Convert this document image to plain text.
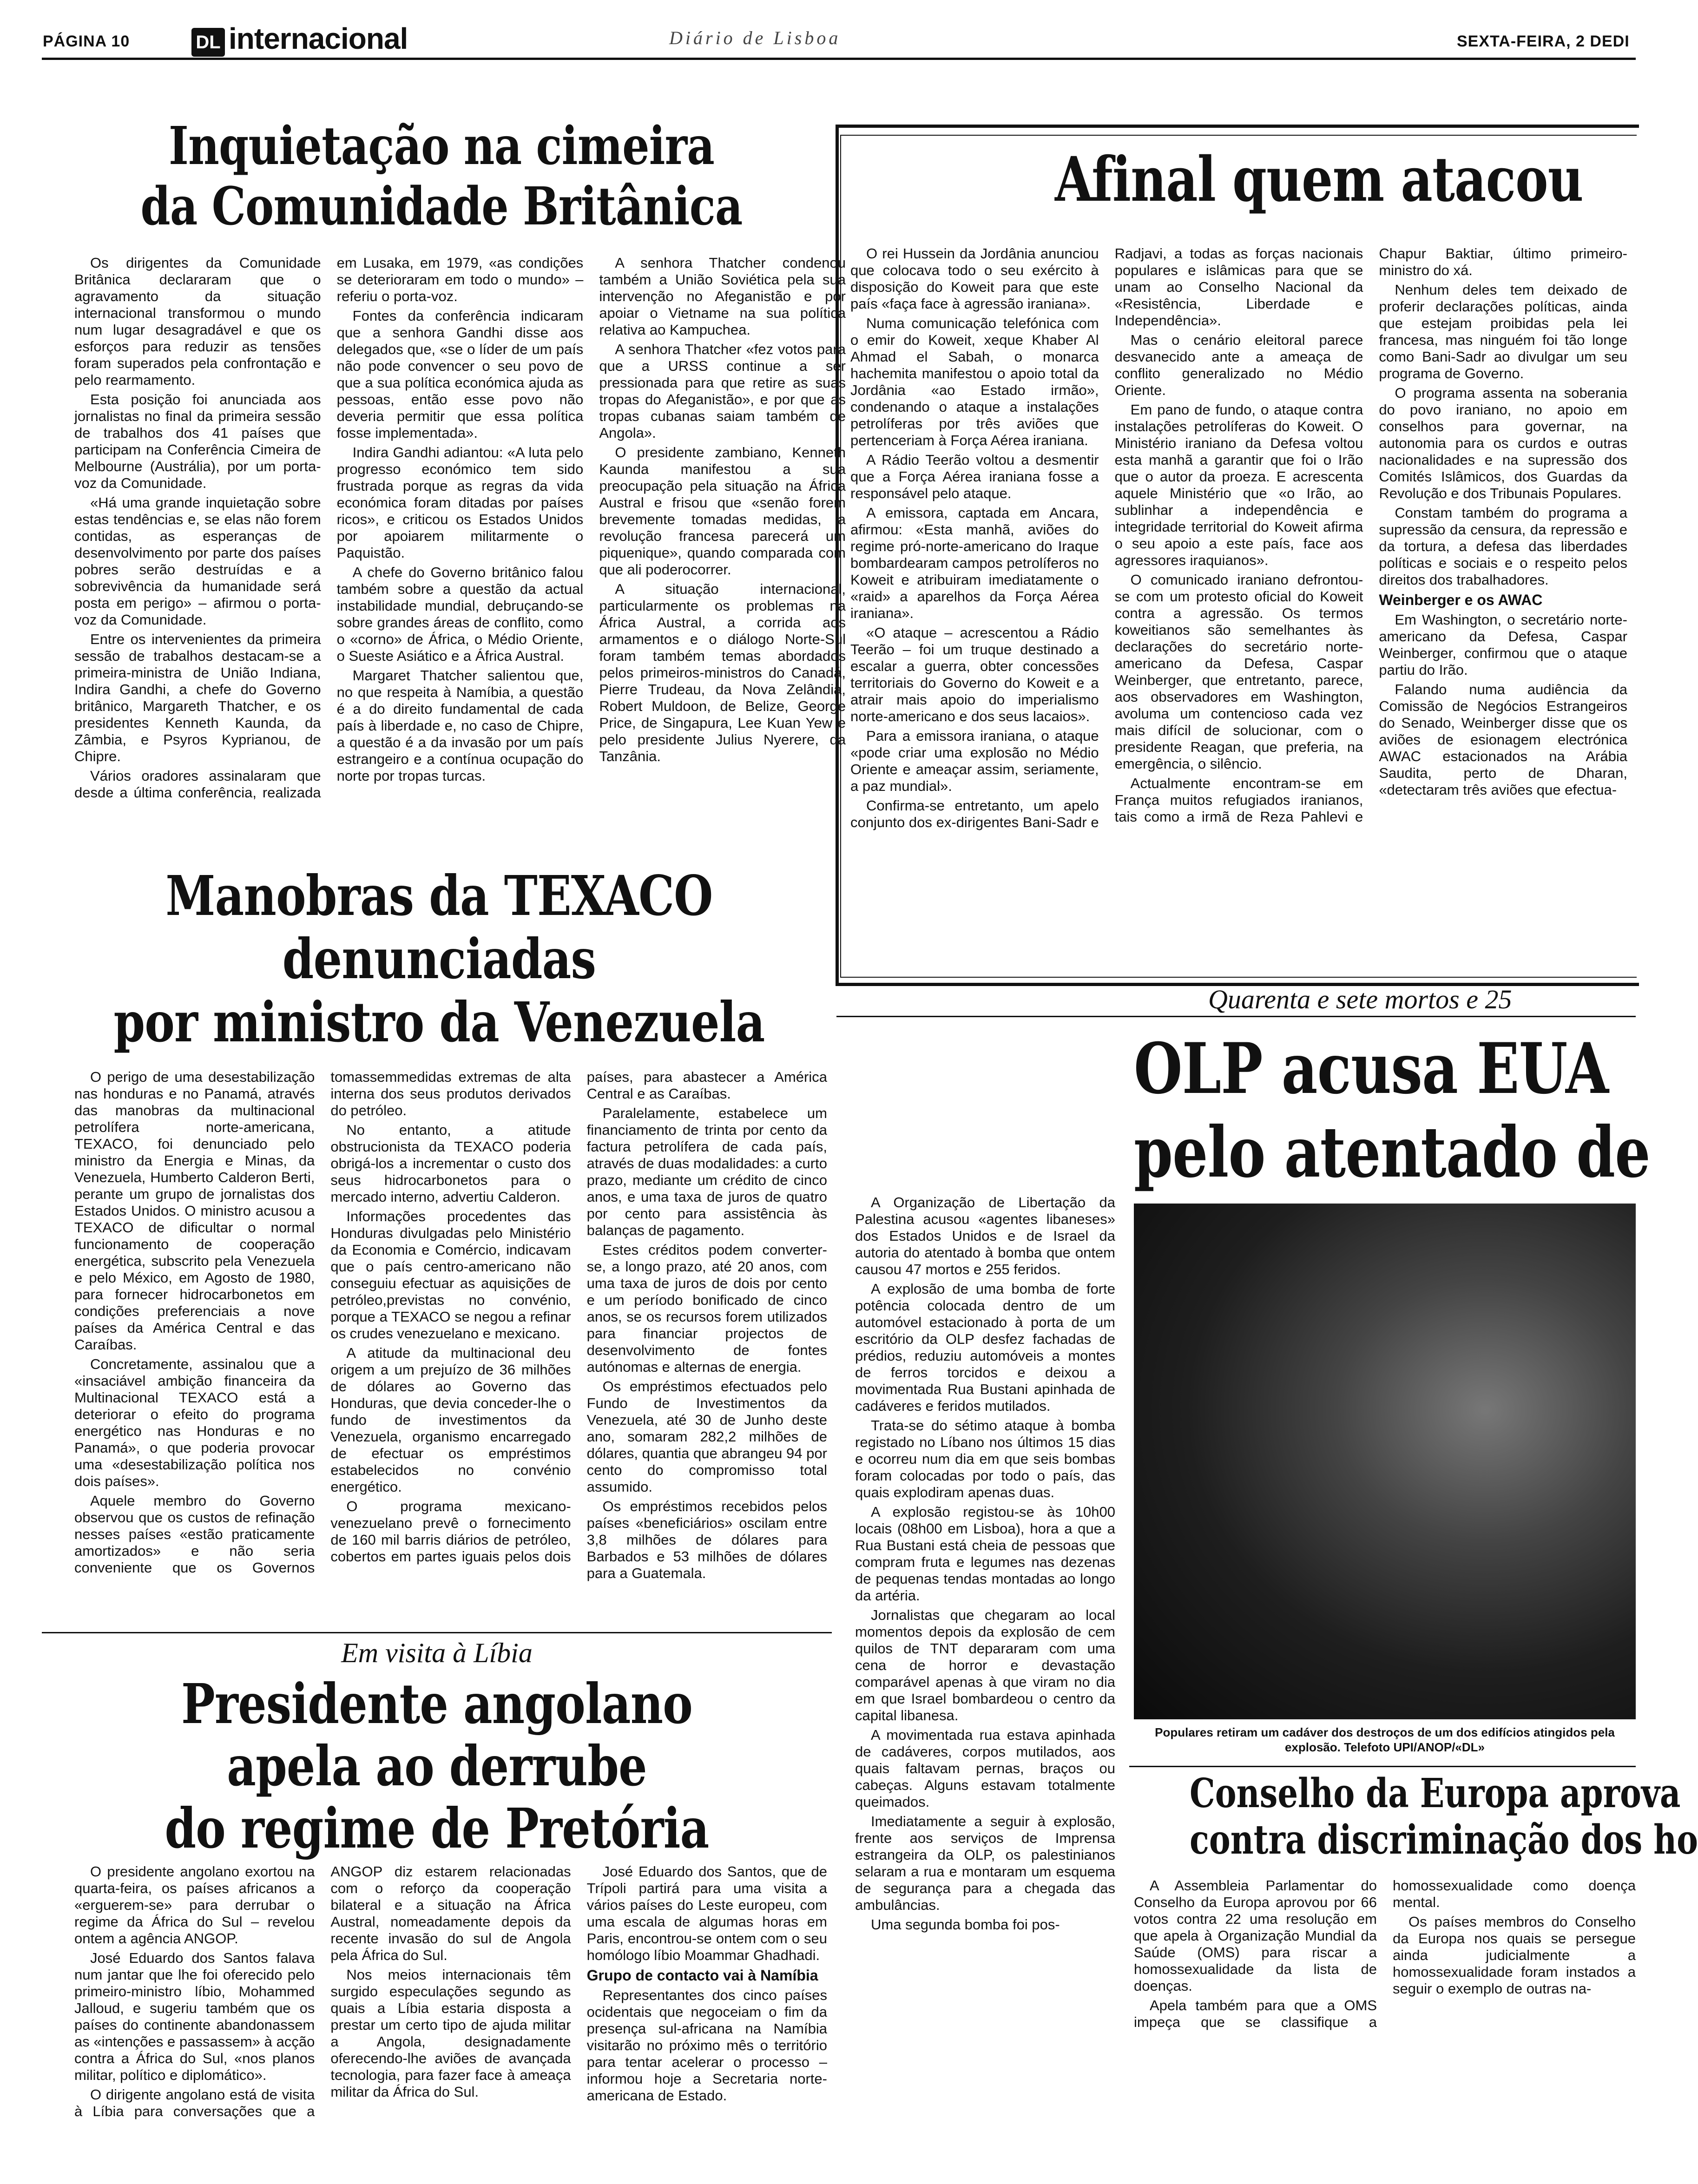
PÁGINA 10	DL internacional	Diário de Lisboa	SEXTA-FEIRA, 2 DEDI
Inquietação na cimeira
da Comunidade Britânica

Os dirigentes da Comunidade Britânica declararam que o agravamento da situação internacional transformou o mundo num lugar desagradável e que os esforços para reduzir as tensões foram superados pela confrontação e pelo rearmamento.

Esta posição foi anunciada aos jornalistas no final da primeira sessão de trabalhos dos 41 países que participam na Conferência Cimeira de Melbourne (Austrália), por um porta-voz da Comunidade.

«Há uma grande inquietação sobre estas tendências e, se elas não forem contidas, as esperanças de desenvolvimento por parte dos países pobres serão destruídas e a sobrevivência da humanidade será posta em perigo» – afirmou o porta-voz da Comunidade.

Entre os intervenientes da primeira sessão de trabalhos destacam-se a primeira-ministra de União Indiana, Indira Gandhi, a chefe do Governo britânico, Margareth Thatcher, e os presidentes Kenneth Kaunda, da Zâmbia, e Psyros Kyprianou, de Chipre.

Vários oradores assinalaram que desde a última conferência, realizada em Lusaka, em 1979, «as condições se deterioraram em todo o mundo» – referiu o porta-voz.

Fontes da conferência indicaram que a senhora Gandhi disse aos delegados que, «se o líder de um país não pode convencer o seu povo de que a sua política económica ajuda as pessoas, então esse povo não deveria permitir que essa política fosse implementada».

Indira Gandhi adiantou: «A luta pelo progresso económico tem sido frustrada porque as regras da vida económica foram ditadas por países ricos», e criticou os Estados Unidos por apoiarem militarmente o Paquistão.

A chefe do Governo britânico falou também sobre a questão da actual instabilidade mundial, debruçando-se sobre grandes áreas de conflito, como o «corno» de África, o Médio Oriente, o Sueste Asiático e a África Austral.

Margaret Thatcher salientou que, no que respeita à Namíbia, a questão é a do direito fundamental de cada país à liberdade e, no caso de Chipre, a questão é a da invasão por um país estrangeiro e a contínua ocupação do norte por tropas turcas.

A senhora Thatcher condenou também a União Soviética pela sua intervenção no Afeganistão e por apoiar o Vietname na sua política relativa ao Kampuchea.

A senhora Thatcher «fez votos para que a URSS continue a ser pressionada para que retire as suas tropas do Afeganistão», e por que as tropas cubanas saiam também de Angola».

O presidente zambiano, Kenneth Kaunda manifestou a sua preocupação pela situação na África Austral e frisou que «senão forem brevemente tomadas medidas, a revolução francesa parecerá um piquenique», quando comparada com que ali poderocorrer.

A situação internacional, particularmente os problemas na África Austral, a corrida aos armamentos e o diálogo Norte-Sul foram também temas abordados pelos primeiros-ministros do Canadá, Pierre Trudeau, da Nova Zelândia, Robert Muldoon, de Belize, George Price, de Singapura, Lee Kuan Yew e pelo presidente Julius Nyerere, da Tanzânia.

Afinal quem atacou

O rei Hussein da Jordânia anunciou que colocava todo o seu exército à disposição do Koweit para que este país «faça face à agressão iraniana».

Numa comunicação telefónica com o emir do Koweit, xeque Khaber Al Ahmad el Sabah, o monarca hachemita manifestou o apoio total da Jordânia «ao Estado irmão», condenando o ataque a instalações petrolíferas por três aviões que pertenceriam à Força Aérea iraniana.

A Rádio Teerão voltou a desmentir que a Força Aérea iraniana fosse a responsável pelo ataque.

A emissora, captada em Ancara, afirmou: «Esta manhã, aviões do regime pró-norte-americano do Iraque bombardearam campos petrolíferos no Koweit e atribuiram imediatamente o «raid» a aparelhos da Força Aérea iraniana».

«O ataque – acrescentou a Rádio Teerão – foi um truque destinado a escalar a guerra, obter concessões territoriais do Governo do Koweit e a atrair mais apoio do imperialismo norte-americano e dos seus lacaios».

Para a emissora iraniana, o ataque «pode criar uma explosão no Médio Oriente e ameaçar assim, seriamente, a paz mundial».

Confirma-se entretanto, um apelo conjunto dos ex-dirigentes Bani-Sadr e Radjavi, a todas as forças nacionais populares e islâmicas para que se unam ao Conselho Nacional da «Resistência, Liberdade e Independência».

Mas o cenário eleitoral parece desvanecido ante a ameaça de conflito generalizado no Médio Oriente.

Em pano de fundo, o ataque contra instalações petrolíferas do Koweit. O Ministério iraniano da Defesa voltou esta manhã a garantir que foi o Irão que o autor da proeza. E acrescenta aquele Ministério que «o Irão, ao sublinhar a independência e integridade territorial do Koweit afirma o seu apoio a este país, face aos agressores iraquianos».

O comunicado iraniano defrontou-se com um protesto oficial do Koweit contra a agressão. Os termos koweitianos são semelhantes às declarações do secretário norte-americano da Defesa, Caspar Weinberger, que entretanto, parece, aos observadores em Washington, avoluma um contencioso cada vez mais difícil de solucionar, com o presidente Reagan, que preferia, na emergência, o silêncio.

Actualmente encontram-se em França muitos refugiados iranianos, tais como a irmã de Reza Pahlevi e Chapur Baktiar, último primeiro-ministro do xá.

Nenhum deles tem deixado de proferir declarações políticas, ainda que estejam proibidas pela lei francesa, mas ninguém foi tão longe como Bani-Sadr ao divulgar um seu programa de Governo.

O programa assenta na soberania do povo iraniano, no apoio em conselhos para governar, na autonomia para os curdos e outras nacionalidades e na supressão dos Comités Islâmicos, dos Guardas da Revolução e dos Tribunais Populares.

Constam também do programa a supressão da censura, da repressão e da tortura, a defesa das liberdades políticas e sociais e o respeito pelos direitos dos trabalhadores.

Weinberger e os AWAC

Em Washington, o secretário norte-americano da Defesa, Caspar Weinberger, confirmou que o ataque partiu do Irão.

Falando numa audiência da Comissão de Negócios Estrangeiros do Senado, Weinberger disse que os aviões de esionagem electrónica AWAC estacionados na Arábia Saudita, perto de Dharan, «detectaram três aviões que efectua-

Manobras da TEXACO
denunciadas
por ministro da Venezuela

O perigo de uma desestabilização nas honduras e no Panamá, através das manobras da multinacional petrolífera norte-americana, TEXACO, foi denunciado pelo ministro da Energia e Minas, da Venezuela, Humberto Calderon Berti, perante um grupo de jornalistas dos Estados Unidos. O ministro acusou a TEXACO de dificultar o normal funcionamento de cooperação energética, subscrito pela Venezuela e pelo México, em Agosto de 1980, para fornecer hidrocarbonetos em condições preferenciais a nove países da América Central e das Caraíbas.

Concretamente, assinalou que a «insaciável ambição financeira da Multinacional TEXACO está a deteriorar o efeito do programa energético nas Honduras e no Panamá», o que poderia provocar uma «desestabilização política nos dois países».

Aquele membro do Governo observou que os custos de refinação nesses países «estão praticamente amortizados» e não seria conveniente que os Governos tomassemmedidas extremas de alta interna dos seus produtos derivados do petróleo.

No entanto, a atitude obstrucionista da TEXACO poderia obrigá-los a incrementar o custo dos seus hidrocarbonetos para o mercado interno, advertiu Calderon.

Informações procedentes das Honduras divulgadas pelo Ministério da Economia e Comércio, indicavam que o país centro-americano não conseguiu efectuar as aquisições de petróleo,previstas no convénio, porque a TEXACO se negou a refinar os crudes venezuelano e mexicano.

A atitude da multinacional deu origem a um prejuízo de 36 milhões de dólares ao Governo das Honduras, que devia conceder-lhe o fundo de investimentos da Venezuela, organismo encarregado de efectuar os empréstimos estabelecidos no convénio energético.

O programa mexicano-venezuelano prevê o fornecimento de 160 mil barris diários de petróleo, cobertos em partes iguais pelos dois países, para abastecer a América Central e as Caraíbas.

Paralelamente, estabelece um financiamento de trinta por cento da factura petrolífera de cada país, através de duas modalidades: a curto prazo, mediante um crédito de cinco anos, e uma taxa de juros de quatro por cento para assistência às balanças de pagamento.

Estes créditos podem converter-se, a longo prazo, até 20 anos, com uma taxa de juros de dois por cento e um período bonificado de cinco anos, se os recursos forem utilizados para financiar projectos de desenvolvimento de fontes autónomas e alternas de energia.

Os empréstimos efectuados pelo Fundo de Investimentos da Venezuela, até 30 de Junho deste ano, somaram 282,2 milhões de dólares, quantia que abrangeu 94 por cento do compromisso total assumido.

Os empréstimos recebidos pelos países «beneficiários» oscilam entre 3,8 milhões de dólares para Barbados e 53 milhões de dólares para a Guatemala.

Em visita à Líbia
Presidente angolano
apela ao derrube
do regime de Pretória

O presidente angolano exortou na quarta-feira, os países africanos a «erguerem-se» para derrubar o regime da África do Sul – revelou ontem a agência ANGOP.

José Eduardo dos Santos falava num jantar que lhe foi oferecido pelo primeiro-ministro líbio, Mohammed Jalloud, e sugeriu também que os países do continente abandonassem as «intenções e passassem» à acção contra a África do Sul, «nos planos militar, político e diplomático».

O dirigente angolano está de visita à Líbia para conversações que a ANGOP diz estarem relacionadas com o reforço da cooperação bilateral e a situação na África Austral, nomeadamente depois da recente invasão do sul de Angola pela África do Sul.

Nos meios internacionais têm surgido especulações segundo as quais a Líbia estaria disposta a prestar um certo tipo de ajuda militar a Angola, designadamente oferecendo-lhe aviões de avançada tecnologia, para fazer face à ameaça militar da África do Sul.

José Eduardo dos Santos, que de Trípoli partirá para uma visita a vários países do Leste europeu, com uma escala de algumas horas em Paris, encontrou-se ontem com o seu homólogo líbio Moammar Ghadhadi.

Grupo de contacto vai à Namíbia

Representantes dos cinco países ocidentais que negoceiam o fim da presença sul-africana na Namíbia visitarão no próximo mês o território para tentar acelerar o processo – informou hoje a Secretaria norte-americana de Estado.

Quarenta e sete mortos e 25
OLP acusa EUA
pelo atentado de

A Organização de Libertação da Palestina acusou «agentes libaneses» dos Estados Unidos e de Israel da autoria do atentado à bomba que ontem causou 47 mortos e 255 feridos.

A explosão de uma bomba de forte potência colocada dentro de um automóvel estacionado à porta de um escritório da OLP desfez fachadas de prédios, reduziu automóveis a montes de ferros torcidos e deixou a movimentada Rua Bustani apinhada de cadáveres e feridos mutilados.

Trata-se do sétimo ataque à bomba registado no Líbano nos últimos 15 dias e ocorreu num dia em que seis bombas foram colocadas por todo o país, das quais explodiram apenas duas.

A explosão registou-se às 10h00 locais (08h00 em Lisboa), hora a que a Rua Bustani está cheia de pessoas que compram fruta e legumes nas dezenas de pequenas tendas montadas ao longo da artéria.

Jornalistas que chegaram ao local momentos depois da explosão de cem quilos de TNT depararam com uma cena de horror e devastação comparável apenas à que viram no dia em que Israel bombardeou o centro da capital libanesa.

A movimentada rua estava apinhada de cadáveres, corpos mutilados, aos quais faltavam pernas, braços ou cabeças. Alguns estavam totalmente queimados.

Imediatamente a seguir à explosão, frente aos serviços de Imprensa estrangeira da OLP, os palestinianos selaram a rua e montaram um esquema de segurança para a chegada das ambulâncias.

Uma segunda bomba foi pos-

Populares retiram um cadáver dos destroços de um dos edifícios atingidos pela explosão. Telefoto UPI/ANOP/«DL»
Conselho da Europa aprova
contra discriminação dos ho

A Assembleia Parlamentar do Conselho da Europa aprovou por 66 votos contra 22 uma resolução em que apela à Organização Mundial da Saúde (OMS) para riscar a homossexualidade da lista de doenças.

Apela também para que a OMS impeça que se classifique a homossexualidade como doença mental.

Os países membros do Conselho da Europa nos quais se persegue ainda judicialmente a homossexualidade foram instados a seguir o exemplo de outras na-
